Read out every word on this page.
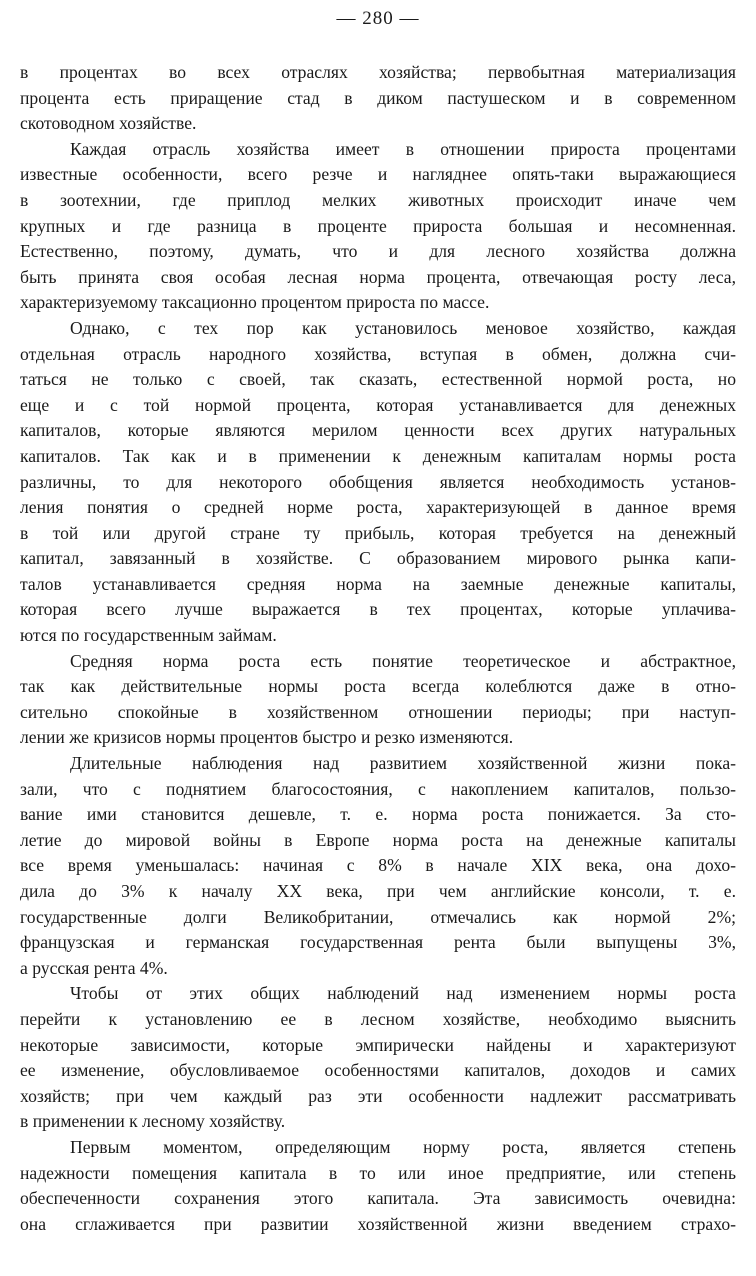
— 280 —
в процентах во всех отраслях хозяйства; первобытная материализация
процента есть приращение стад в диком пастушеском и в современном
скотоводном хозяйстве.
Каждая отрасль хозяйства имеет в отношении прироста процентами
известные особенности, всего резче и нагляднее опять-таки выражающиеся
в зоотехнии, где приплод мелких животных происходит иначе чем
крупных и где разница в проценте прироста большая и несомненная.
Естественно, поэтому, думать, что и для лесного хозяйства должна
быть принята своя особая лесная норма процента, отвечающая росту леса,
характеризуемому таксационно процентом прироста по массе.
Однако, с тех пор как установилось меновое хозяйство, каждая
отдельная отрасль народного хозяйства, вступая в обмен, должна счи-
таться не только с своей, так сказать, естественной нормой роста, но
еще и с той нормой процента, которая устанавливается для денежных
капиталов, которые являются мерилом ценности всех других натуральных
капиталов. Так как и в применении к денежным капиталам нормы роста
различны, то для некоторого обобщения является необходимость установ-
ления понятия о средней норме роста, характеризующей в данное время
в той или другой стране ту прибыль, которая требуется на денежный
капитал, завязанный в хозяйстве. С образованием мирового рынка капи-
талов устанавливается средняя норма на заемные денежные капиталы,
которая всего лучше выражается в тех процентах, которые уплачива-
ются по государственным займам.
Средняя норма роста есть понятие теоретическое и абстрактное,
так как действительные нормы роста всегда колеблются даже в отно-
сительно спокойные в хозяйственном отношении периоды; при наступ-
лении же кризисов нормы процентов быстро и резко изменяются.
Длительные наблюдения над развитием хозяйственной жизни пока-
зали, что с поднятием благосостояния, с накоплением капиталов, пользо-
вание ими становится дешевле, т. е. норма роста понижается. За сто-
летие до мировой войны в Европе норма роста на денежные капиталы
все время уменьшалась: начиная с 8% в начале XIX века, она дохо-
дила до 3% к началу XX века, при чем английские консоли, т. е.
государственные долги Великобритании, отмечались как нормой 2%;
французская и германская государственная рента были выпущены 3%,
а русская рента 4%.
Чтобы от этих общих наблюдений над изменением нормы роста
перейти к установлению ее в лесном хозяйстве, необходимо выяснить
некоторые зависимости, которые эмпирически найдены и характеризуют
ее изменение, обусловливаемое особенностями капиталов, доходов и самих
хозяйств; при чем каждый раз эти особенности надлежит рассматривать
в применении к лесному хозяйству.
Первым моментом, определяющим норму роста, является степень
надежности помещения капитала в то или иное предприятие, или степень
обеспеченности сохранения этого капитала. Эта зависимость очевидна:
она сглаживается при развитии хозяйственной жизни введением страхо-
